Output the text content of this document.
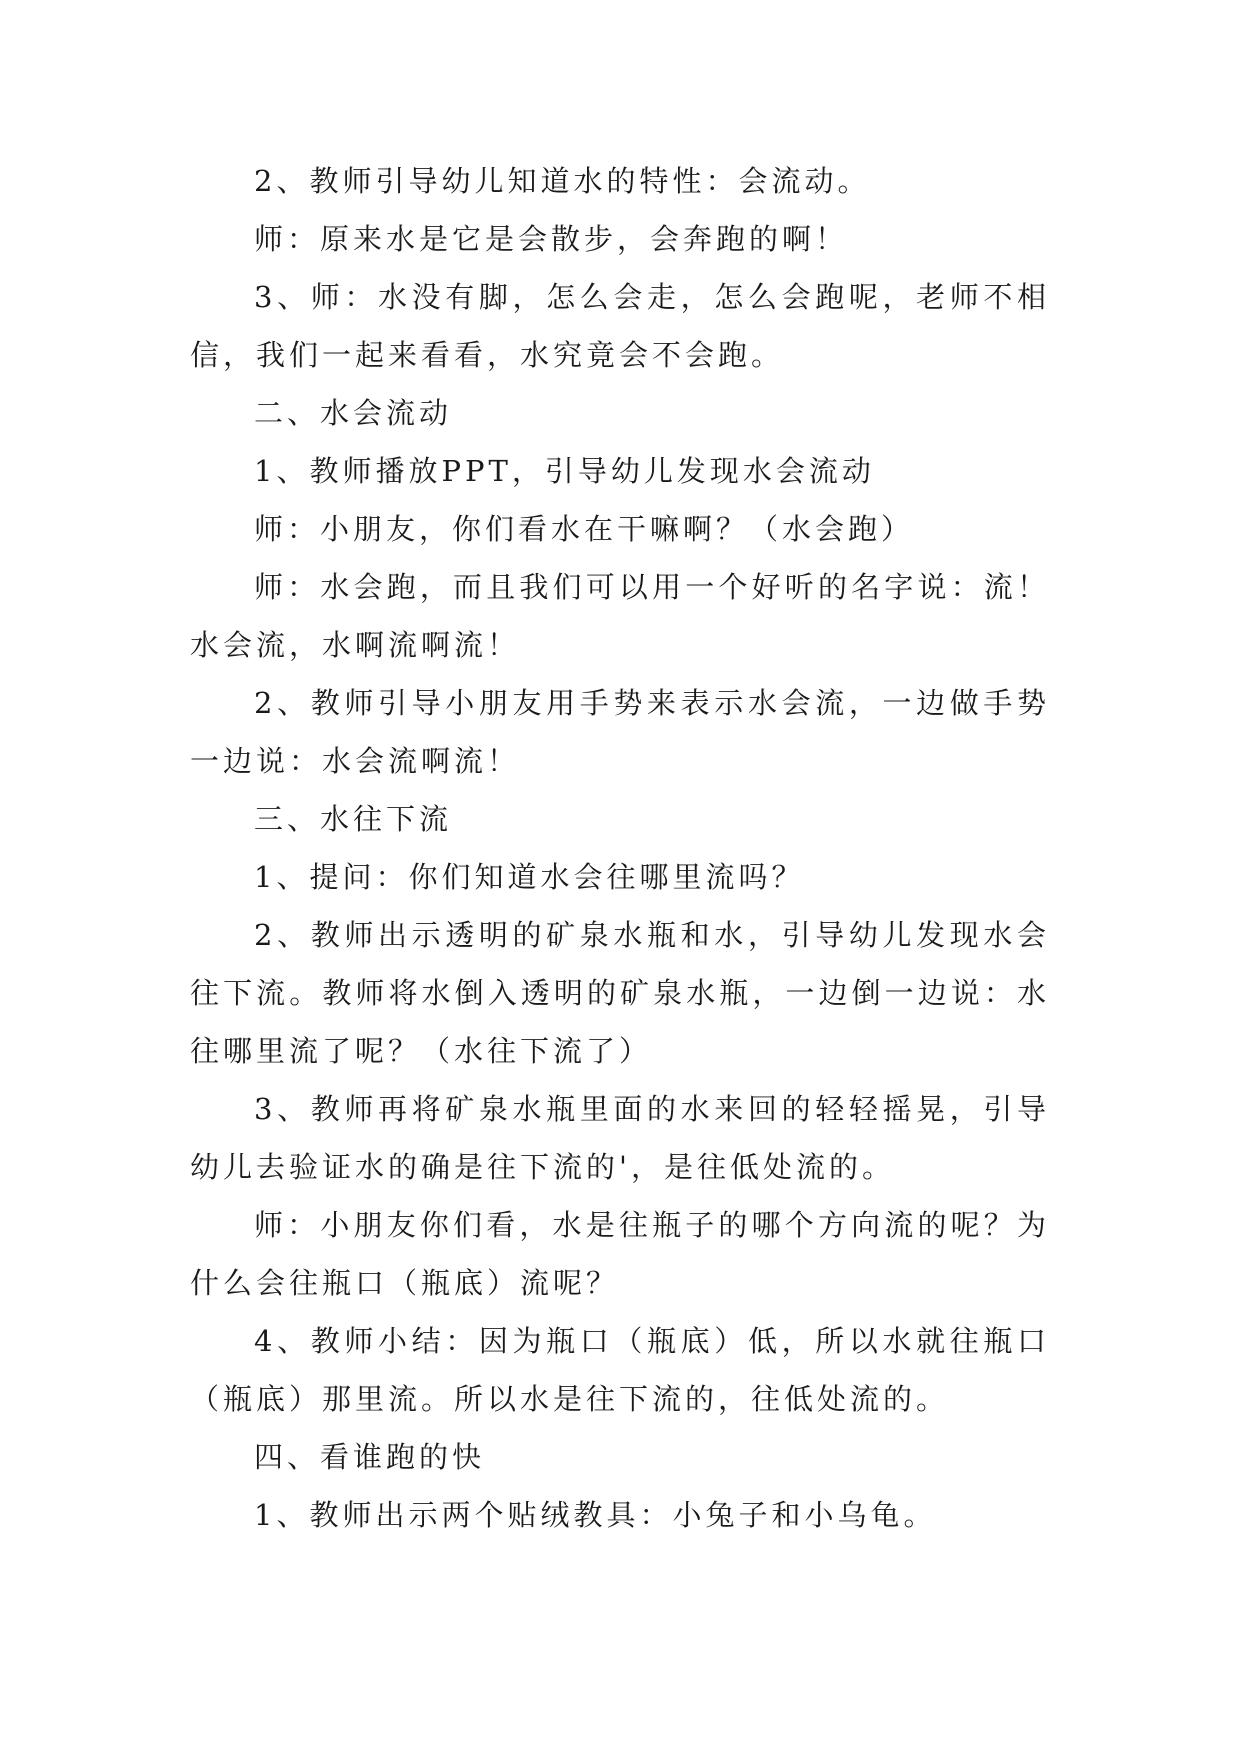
2、教师引导幼儿知道水的特性：会流动。

师：原来水是它是会散步，会奔跑的啊！

3、师：水没有脚，怎么会走，怎么会跑呢，老师不相信，我们一起来看看，水究竟会不会跑。

二、水会流动

1、教师播放PPT，引导幼儿发现水会流动

师：小朋友，你们看水在干嘛啊？（水会跑）

师：水会跑，而且我们可以用一个好听的名字说：流！水会流，水啊流啊流！

2、教师引导小朋友用手势来表示水会流，一边做手势一边说：水会流啊流！

三、水往下流

1、提问：你们知道水会往哪里流吗？

2、教师出示透明的矿泉水瓶和水，引导幼儿发现水会往下流。教师将水倒入透明的矿泉水瓶，一边倒一边说：水往哪里流了呢？（水往下流了）

3、教师再将矿泉水瓶里面的水来回的轻轻摇晃，引导幼儿去验证水的确是往下流的'，是往低处流的。

师：小朋友你们看，水是往瓶子的哪个方向流的呢？为什么会往瓶口（瓶底）流呢？

4、教师小结：因为瓶口（瓶底）低，所以水就往瓶口（瓶底）那里流。所以水是往下流的，往低处流的。

四、看谁跑的快

1、教师出示两个贴绒教具：小兔子和小乌龟。
